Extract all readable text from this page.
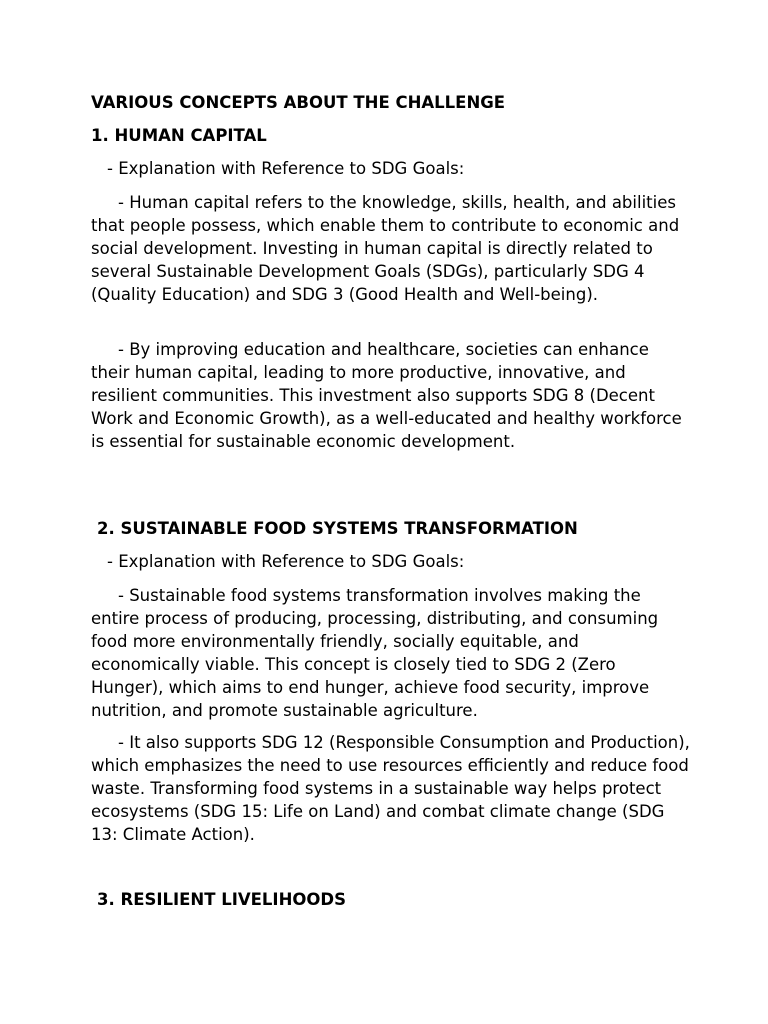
VARIOUS CONCEPTS ABOUT THE CHALLENGE
1. HUMAN CAPITAL

- Explanation with Reference to SDG Goals:

- Human capital refers to the knowledge, skills, health, and abilities that people possess, which enable them to contribute to economic and social development. Investing in human capital is directly related to several Sustainable Development Goals (SDGs), particularly SDG 4 (Quality Education) and SDG 3 (Good Health and Well-being).

- By improving education and healthcare, societies can enhance their human capital, leading to more productive, innovative, and resilient communities. This investment also supports SDG 8 (Decent Work and Economic Growth), as a well-educated and healthy workforce is essential for sustainable economic development.

2. SUSTAINABLE FOOD SYSTEMS TRANSFORMATION

- Explanation with Reference to SDG Goals:

- Sustainable food systems transformation involves making the entire process of producing, processing, distributing, and consuming food more environmentally friendly, socially equitable, and economically viable. This concept is closely tied to SDG 2 (Zero Hunger), which aims to end hunger, achieve food security, improve nutrition, and promote sustainable agriculture.

- It also supports SDG 12 (Responsible Consumption and Production), which emphasizes the need to use resources efficiently and reduce food waste. Transforming food systems in a sustainable way helps protect ecosystems (SDG 15: Life on Land) and combat climate change (SDG 13: Climate Action).

3. RESILIENT LIVELIHOODS
